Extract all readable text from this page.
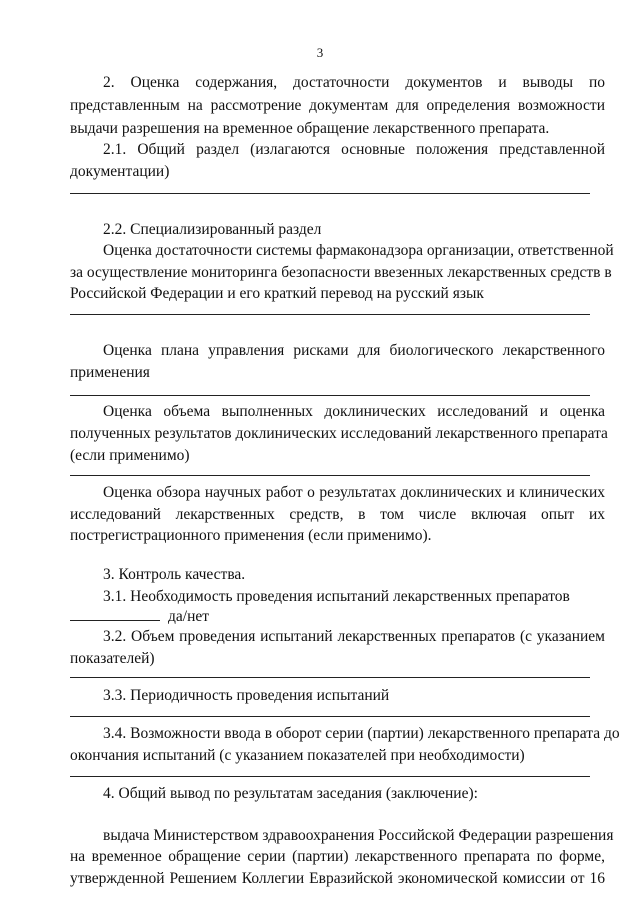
3
2. Оценка содержания, достаточности документов и выводы по
представленным на рассмотрение документам для определения возможности
выдачи разрешения на временное обращение лекарственного препарата.
2.1. Общий раздел (излагаются основные положения представленной
документации)
2.2. Специализированный раздел
Оценка достаточности системы фармаконадзора организации, ответственной
за осуществление мониторинга безопасности ввезенных лекарственных средств в
Российской Федерации и его краткий перевод на русский язык
Оценка плана управления рисками для биологического лекарственного
применения
Оценка объема выполненных доклинических исследований и оценка
полученных результатов доклинических исследований лекарственного препарата
(если применимо)
Оценка обзора научных работ о результатах доклинических и клинических
исследований лекарственных средств, в том числе включая опыт их
пострегистрационного применения (если применимо).
3. Контроль качества.
3.1. Необходимость проведения испытаний лекарственных препаратов
да/нет
3.2. Объем проведения испытаний лекарственных препаратов (с указанием
показателей)
3.3. Периодичность проведения испытаний
3.4. Возможности ввода в оборот серии (партии) лекарственного препарата до
окончания испытаний (с указанием показателей при необходимости)
4. Общий вывод по результатам заседания (заключение):
выдача Министерством здравоохранения Российской Федерации разрешения
на временное обращение серии (партии) лекарственного препарата по форме,
утвержденной Решением Коллегии Евразийской экономической комиссии от 16
